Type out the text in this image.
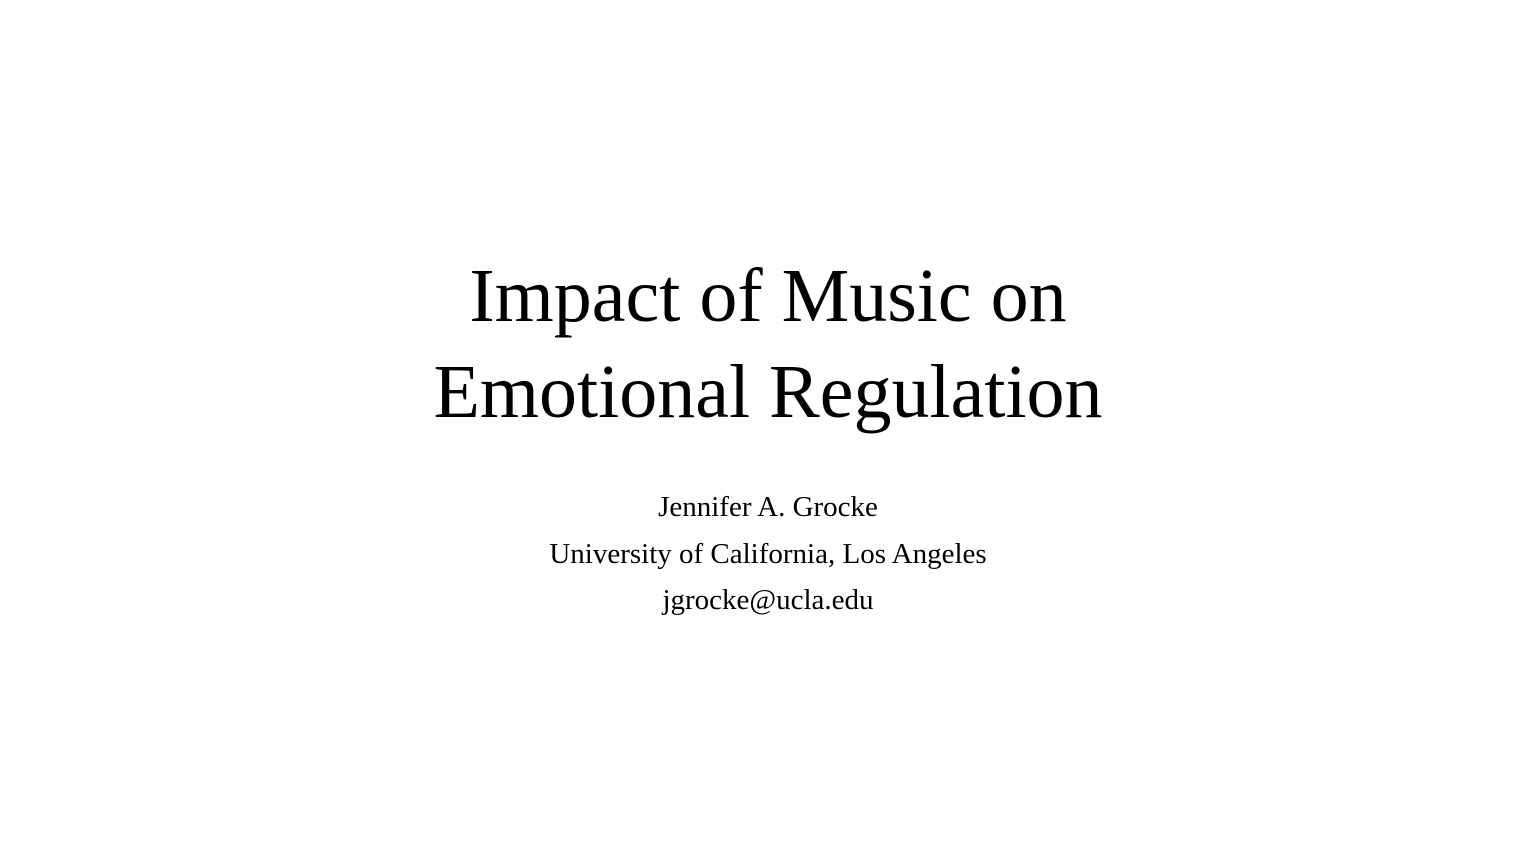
Impact of Music on
Emotional Regulation
Jennifer A. Grocke
University of California, Los Angeles
jgrocke@ucla.edu
